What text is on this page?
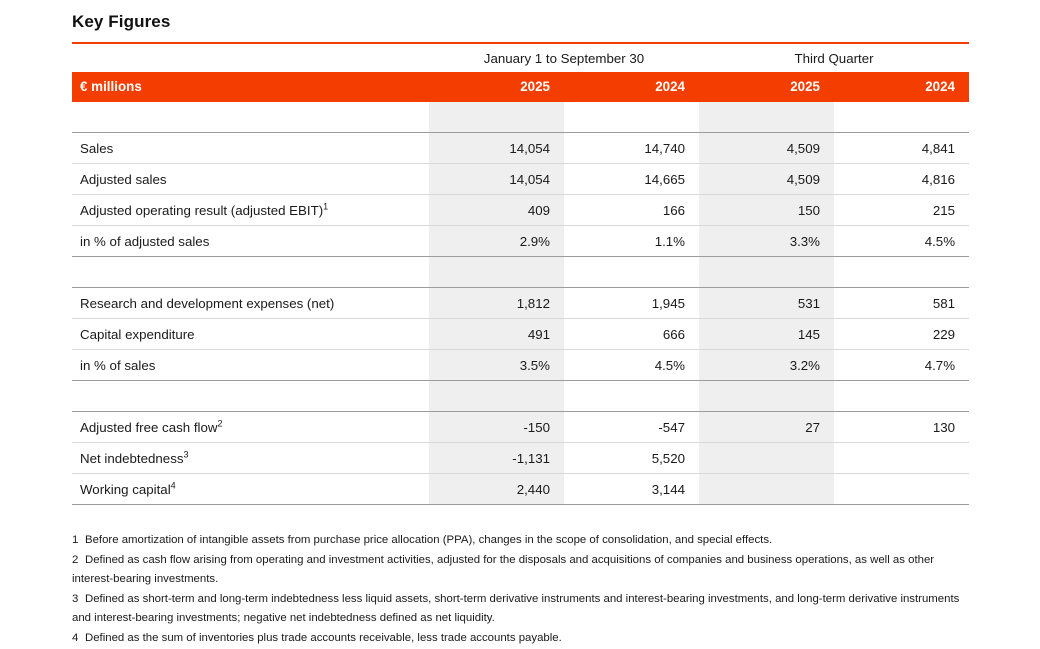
Key Figures
	January 1 to September 30		Third Quarter	
€ millions	2025	2024	2025	2024

Sales	14,054	14,740	4,509	4,841
Adjusted sales	14,054	14,665	4,509	4,816
Adjusted operating result (adjusted EBIT)$^1$	409	166	150	215
in % of adjusted sales	2.9%	1.1%	3.3%	4.5%

Research and development expenses (net)	1,812	1,945	531	581
Capital expenditure	491	666	145	229
in % of sales	3.5%	4.5%	3.2%	4.7%

Adjusted free cash flow$^2$	-150	-547	27	130
Net indebtedness$^3$	-1,131	5,520		
Working capital$^4$	2,440	3,144		

1 Before amortization of intangible assets from purchase price allocation (PPA), changes in the scope of consolidation, and special effects.

2 Defined as cash flow arising from operating and investment activities, adjusted for the disposals and acquisitions of companies and business operations, as well as other interest-bearing investments.

3 Defined as short-term and long-term indebtedness less liquid assets, short-term derivative instruments and interest-bearing investments, and long-term derivative instruments and interest-bearing investments; negative net indebtedness defined as net liquidity.

4 Defined as the sum of inventories plus trade accounts receivable, less trade accounts payable.
